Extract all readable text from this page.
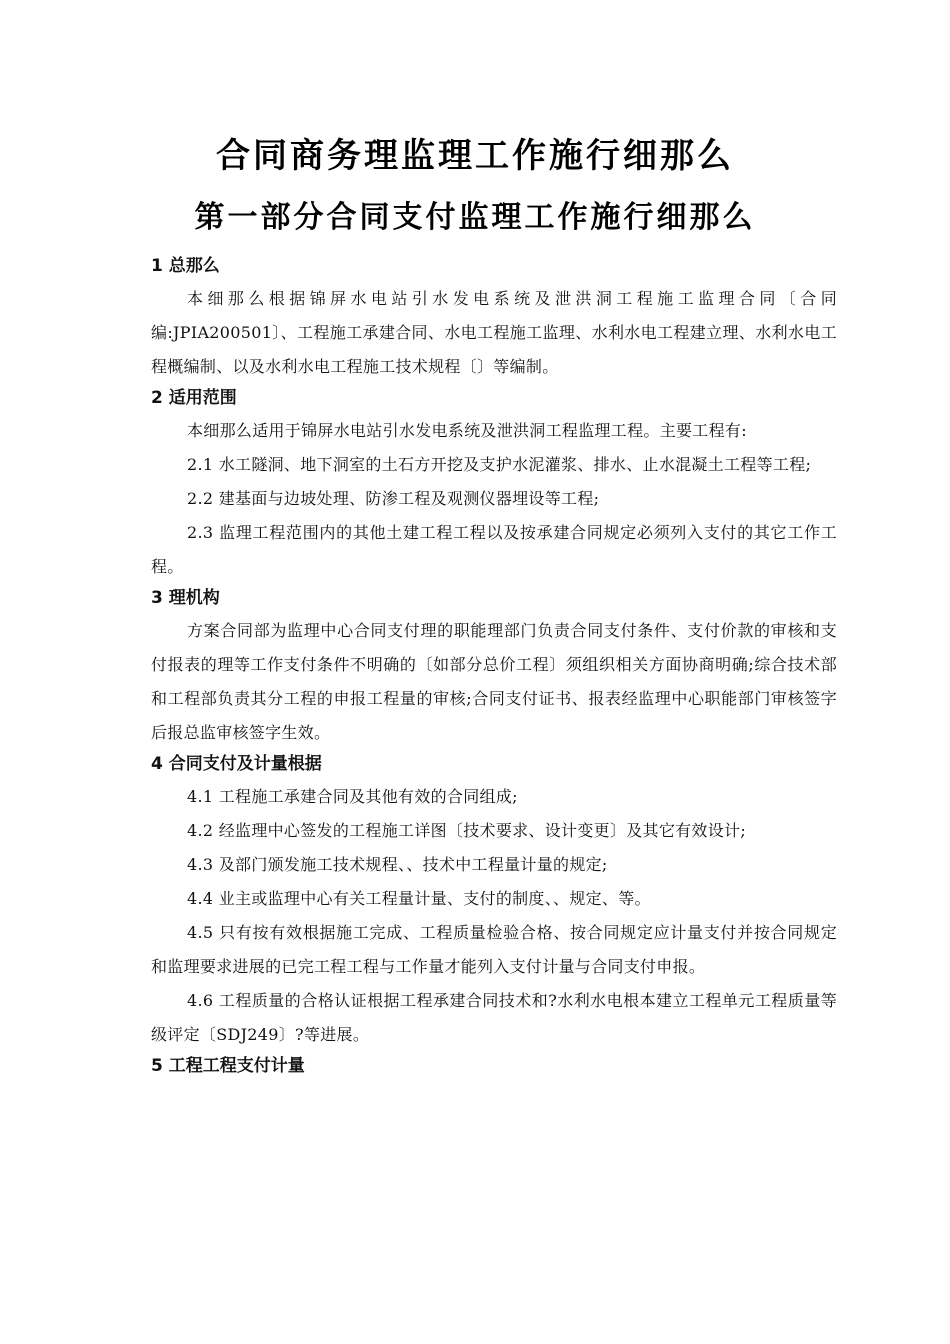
合同商务理监理工作施行细那么
第一部分合同支付监理工作施行细那么
1 总那么

本细那么根据锦屏水电站引水发电系统及泄洪洞工程施工监理合同〔合同编:JPIA200501〕、工程施工承建合同、水电工程施工监理、水利水电工程建立理、水利水电工程概编制、以及水利水电工程施工技术规程〔〕等编制。

2 适用范围

本细那么适用于锦屏水电站引水发电系统及泄洪洞工程监理工程。主要工程有:

2.1 水工隧洞、地下洞室的土石方开挖及支护水泥灌浆、排水、止水混凝土工程等工程;

2.2 建基面与边坡处理、防渗工程及观测仪器埋设等工程;

2.3 监理工程范围内的其他土建工程工程以及按承建合同规定必须列入支付的其它工作工程。

3 理机构

方案合同部为监理中心合同支付理的职能理部门负责合同支付条件、支付价款的审核和支付报表的理等工作支付条件不明确的〔如部分总价工程〕须组织相关方面协商明确;综合技术部和工程部负责其分工程的申报工程量的审核;合同支付证书、报表经监理中心职能部门审核签字后报总监审核签字生效。

4 合同支付及计量根据

4.1 工程施工承建合同及其他有效的合同组成;

4.2 经监理中心签发的工程施工详图〔技术要求、设计变更〕及其它有效设计;

4.3 及部门颁发施工技术规程、、技术中工程量计量的规定;

4.4 业主或监理中心有关工程量计量、支付的制度、、规定、等。

4.5 只有按有效根据施工完成、工程质量检验合格、按合同规定应计量支付并按合同规定和监理要求进展的已完工程工程与工作量才能列入支付计量与合同支付申报。

4.6 工程质量的合格认证根据工程承建合同技术和?水利水电根本建立工程单元工程质量等级评定〔SDJ249〕?等进展。

5 工程工程支付计量
